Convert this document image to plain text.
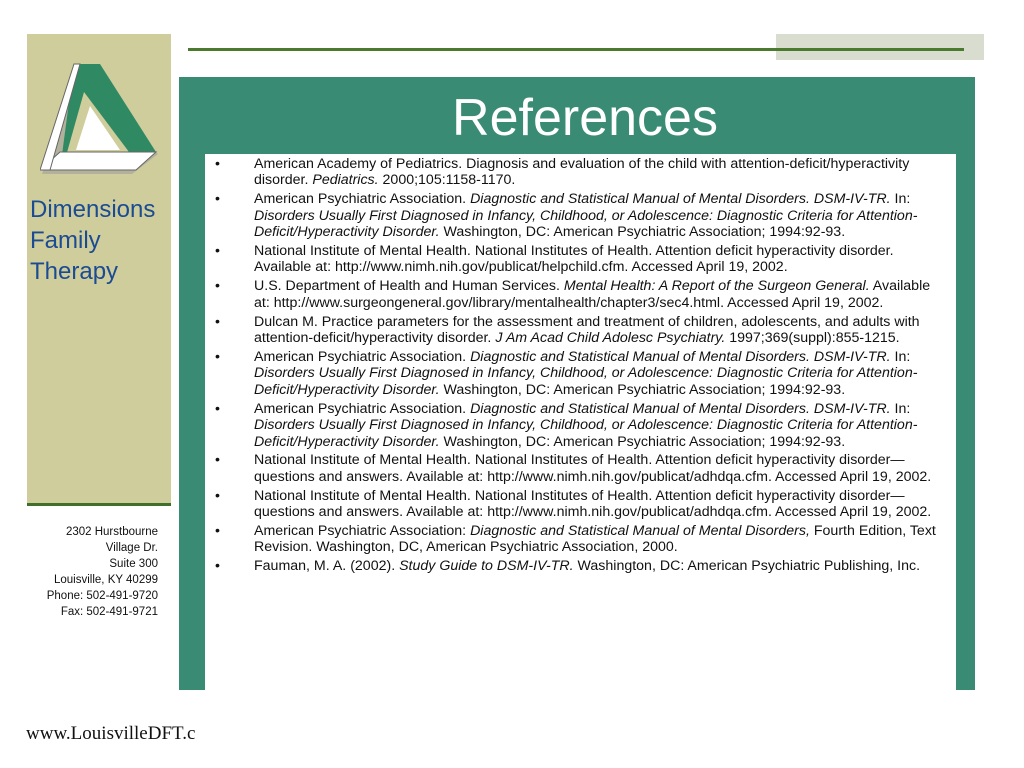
Dimensions
Family
Therapy
2302 Hurstbourne
Village Dr.
Suite 300
Louisville, KY 40299
Phone: 502-491-9720
Fax: 502-491-9721
References
• American Academy of Pediatrics. Diagnosis and evaluation of the child with attention-deficit/hyperactivity disorder. Pediatrics. 2000;105:1158-1170.
• American Psychiatric Association. Diagnostic and Statistical Manual of Mental Disorders. DSM-IV-TR. In: Disorders Usually First Diagnosed in Infancy, Childhood, or Adolescence: Diagnostic Criteria for Attention-Deficit/Hyperactivity Disorder. Washington, DC: American Psychiatric Association; 1994:92-93.
• National Institute of Mental Health. National Institutes of Health. Attention deficit hyperactivity disorder. Available at: http://www.nimh.nih.gov/publicat/helpchild.cfm. Accessed April 19, 2002.
• U.S. Department of Health and Human Services. Mental Health: A Report of the Surgeon General. Available at: http://www.surgeongeneral.gov/library/mentalhealth/chapter3/sec4.html. Accessed April 19, 2002.
• Dulcan M. Practice parameters for the assessment and treatment of children, adolescents, and adults with attention-deficit/hyperactivity disorder. J Am Acad Child Adolesc Psychiatry. 1997;369(suppl):855-1215.
• American Psychiatric Association. Diagnostic and Statistical Manual of Mental Disorders. DSM-IV-TR. In: Disorders Usually First Diagnosed in Infancy, Childhood, or Adolescence: Diagnostic Criteria for Attention-Deficit/Hyperactivity Disorder. Washington, DC: American Psychiatric Association; 1994:92-93.
• American Psychiatric Association. Diagnostic and Statistical Manual of Mental Disorders. DSM-IV-TR. In: Disorders Usually First Diagnosed in Infancy, Childhood, or Adolescence: Diagnostic Criteria for Attention-Deficit/Hyperactivity Disorder. Washington, DC: American Psychiatric Association; 1994:92-93.
• National Institute of Mental Health. National Institutes of Health. Attention deficit hyperactivity disorder—questions and answers. Available at: http://www.nimh.nih.gov/publicat/adhdqa.cfm. Accessed April 19, 2002.
• National Institute of Mental Health. National Institutes of Health. Attention deficit hyperactivity disorder—questions and answers. Available at: http://www.nimh.nih.gov/publicat/adhdqa.cfm. Accessed April 19, 2002.
• American Psychiatric Association: Diagnostic and Statistical Manual of Mental Disorders, Fourth Edition, Text Revision. Washington, DC, American Psychiatric Association, 2000.
• Fauman, M. A. (2002). Study Guide to DSM-IV-TR. Washington, DC: American Psychiatric Publishing, Inc.
www.LouisvilleDFT.c
